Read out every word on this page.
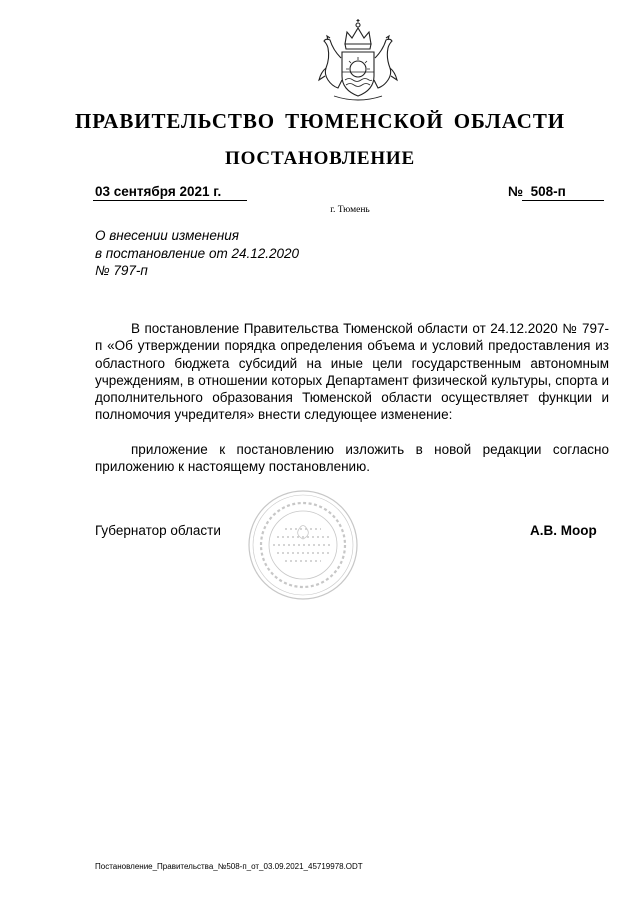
ПРАВИТЕЛЬСТВО ТЮМЕНСКОЙ ОБЛАСТИ
ПОСТАНОВЛЕНИЕ
03 сентября 2021 г.	№ 508-п
г. Тюмень
О внесении изменения
в постановление от 24.12.2020
№ 797-п
В постановление Правительства Тюменской области от 24.12.2020 № 797-п «Об утверждении порядка определения объема и условий предоставления из областного бюджета субсидий на иные цели государственным автономным учреждениям, в отношении которых Департамент физической культуры, спорта и дополнительного образования Тюменской области осуществляет функции и полномочия учредителя» внести следующее изменение:
приложение к постановлению изложить в новой редакции согласно приложению к настоящему постановлению.
Губернатор области	А.В. Моор
Постановление_Правительства_№508-п_от_03.09.2021_45719978.ODT
